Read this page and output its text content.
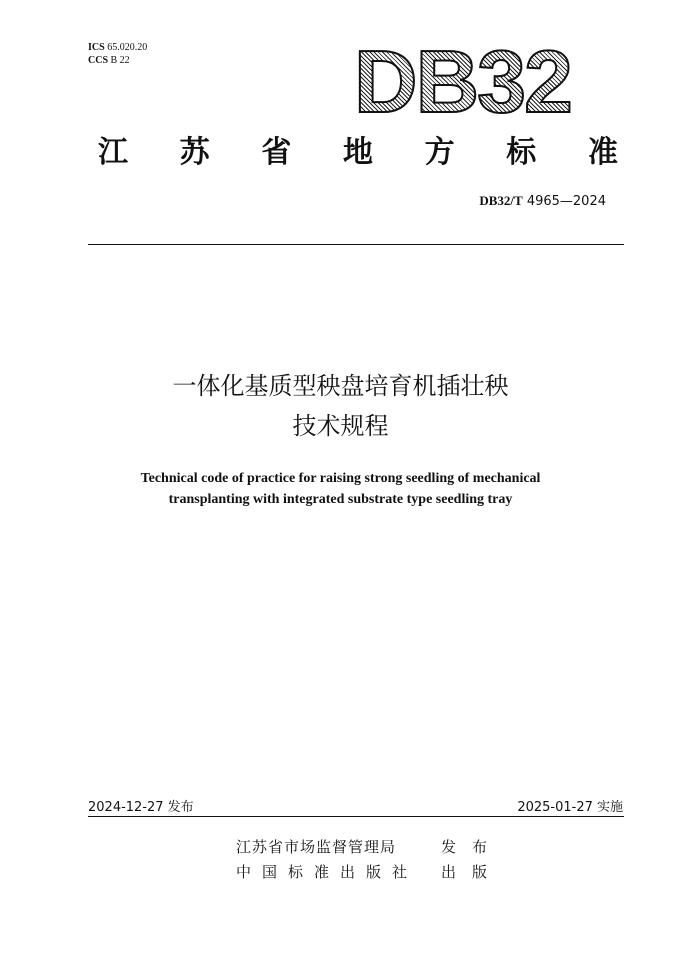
ICS 65.020.20
CCS B 22	DB32
江 苏 省 地 方 标 准
DB32/T 4965—2024
一体化基质型秧盘培育机插壮秧
技术规程
Technical code of practice for raising strong seedling of mechanical
transplanting with integrated substrate type seedling tray
2024-12-27 发布	2025-01-27 实施
江苏省市场监督管理局	发布
中国标准出版社	出版
